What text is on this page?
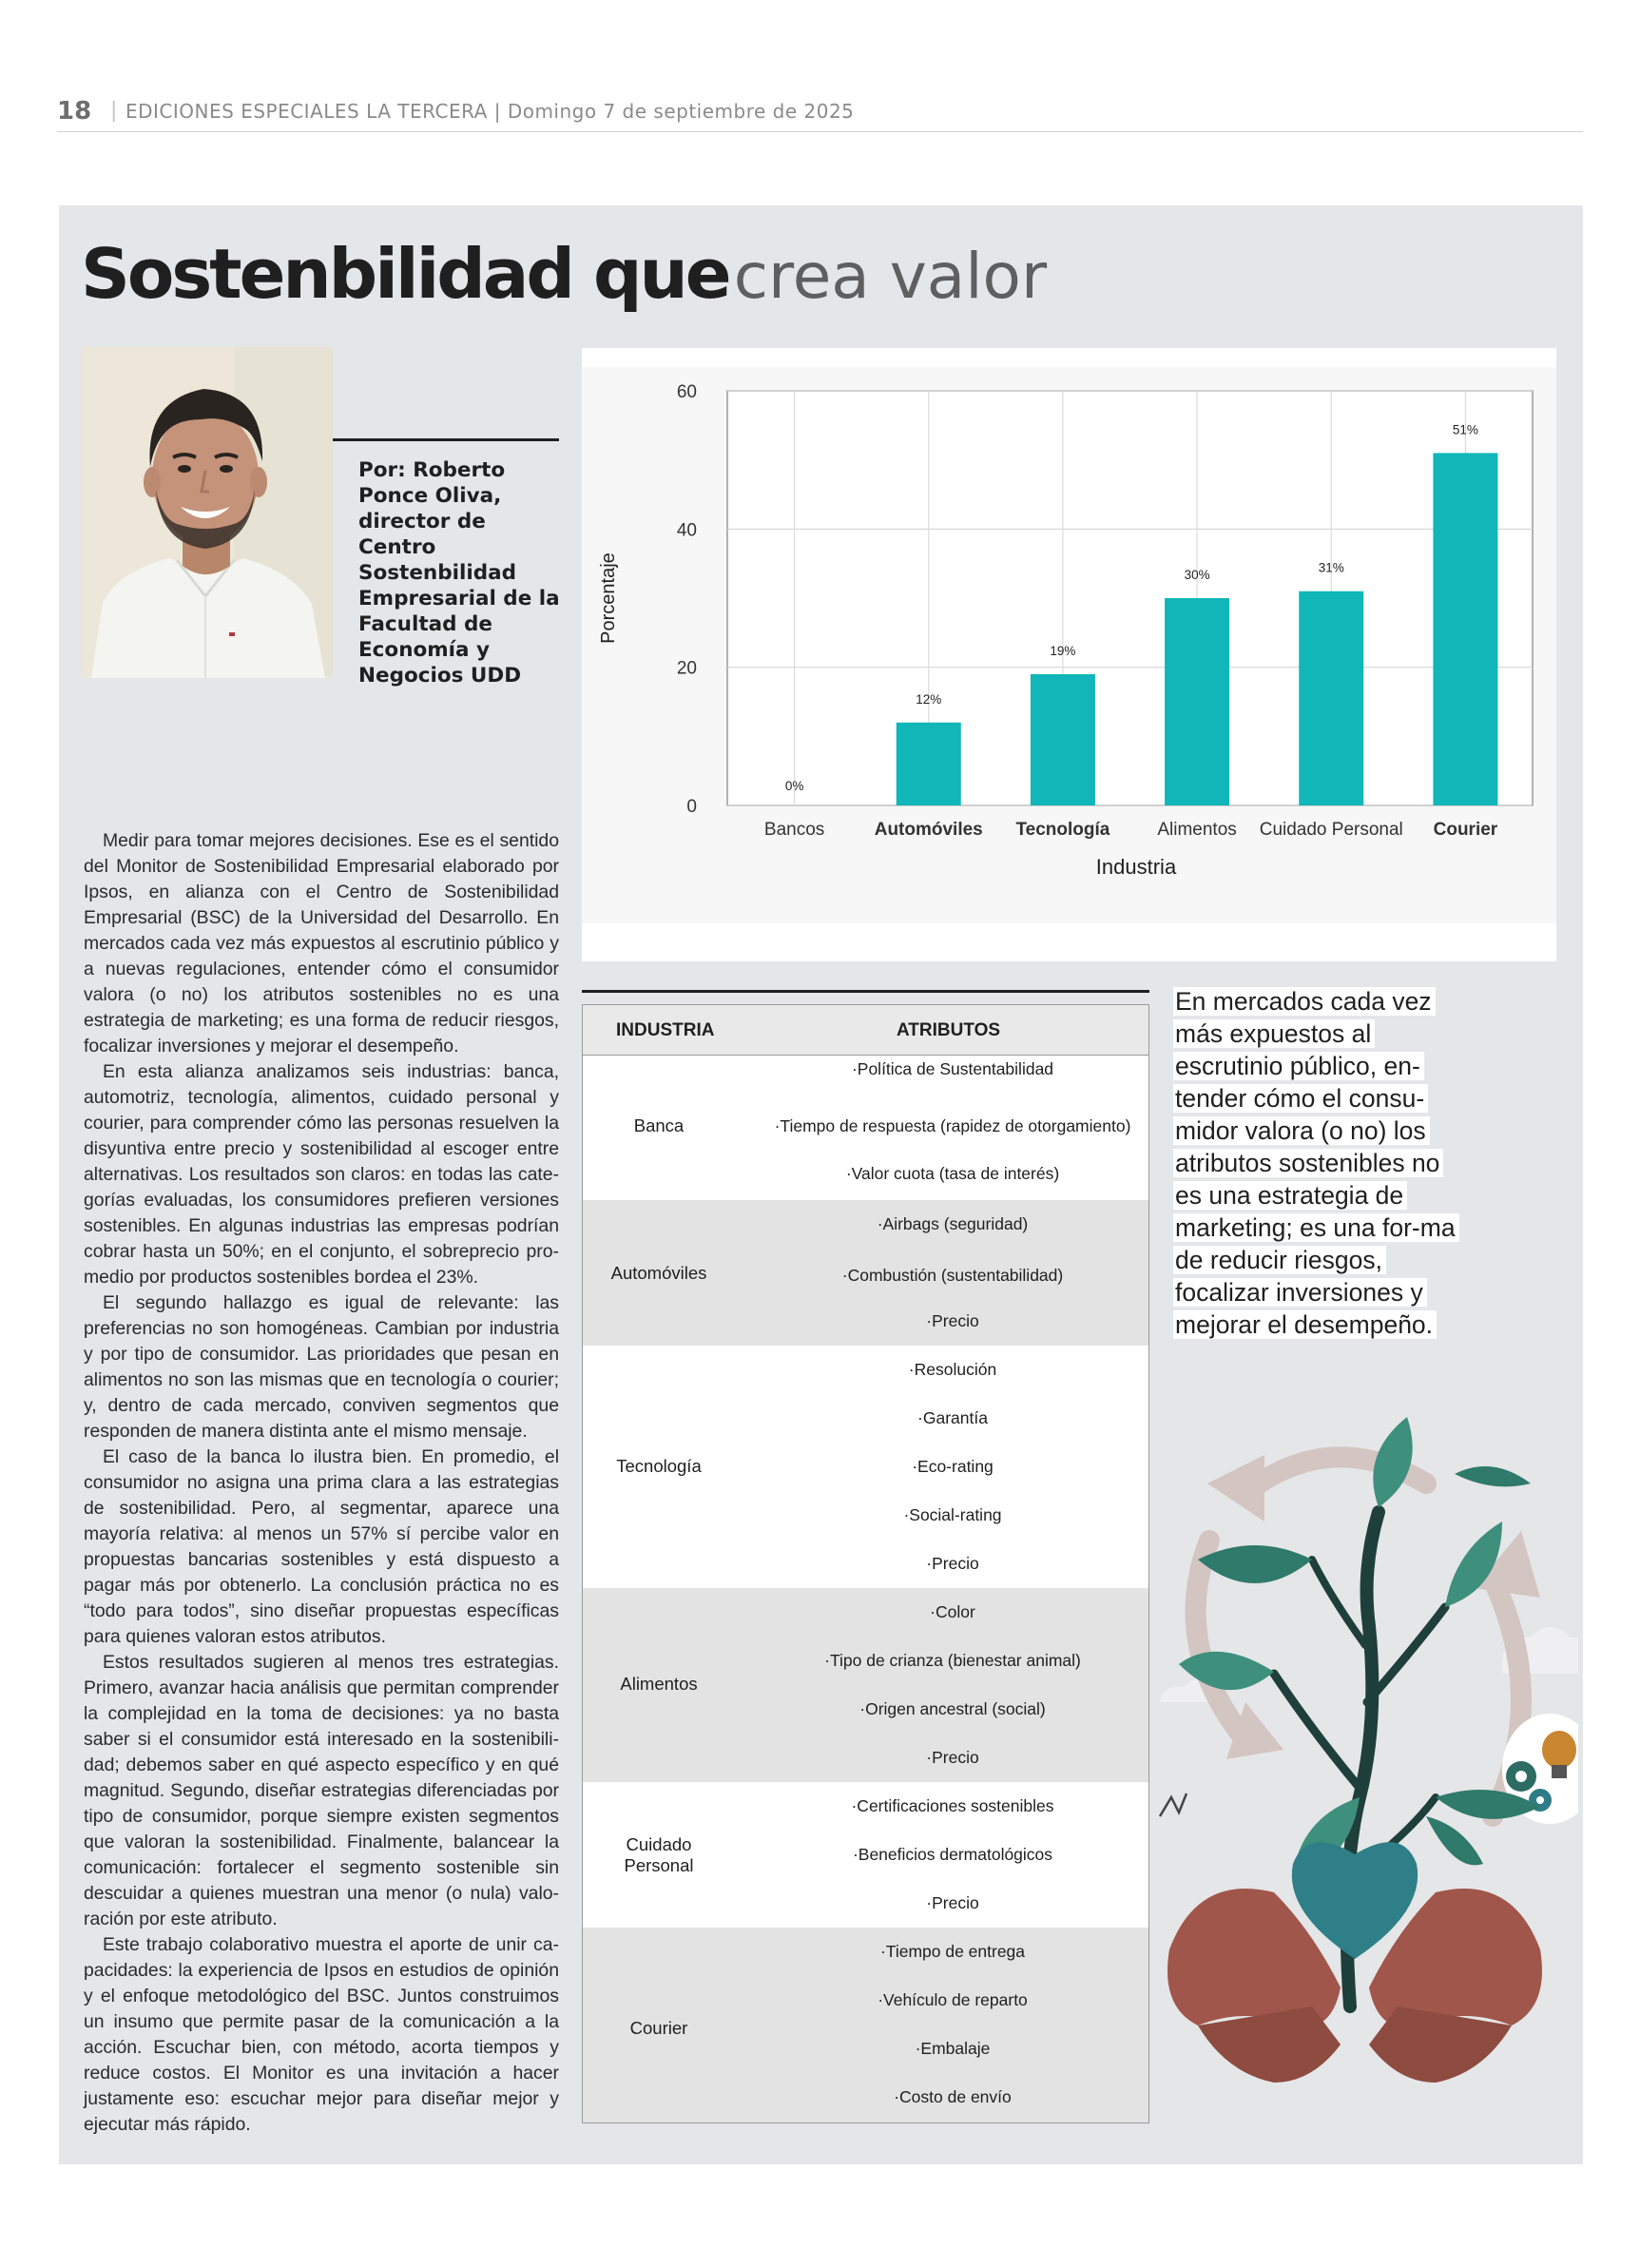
18 | EDICIONES ESPECIALES LA TERCERA | Domingo 7 de septiembre de 2025
Sostenbilidad que crea valor
Por: Roberto Ponce Oliva, director de Centro Sostenbilidad Empresarial de la Facultad de Economía y Negocios UDD

Medir para tomar mejores decisiones. Ese es el sentido del Monitor de Sostenibilidad Empresarial elaborado por Ipsos, en alianza con el Centro de Sostenibilidad Empresarial (BSC) de la Universidad del Desarrollo. En mercados cada vez más expuestos al escrutinio público y a nuevas regulaciones, entender cómo el consumidor valora (o no) los atributos sostenibles no es una estrategia de marketing; es una forma de reducir riesgos, focalizar inversiones y mejorar el desempeño.

En esta alianza analizamos seis industrias: banca, automotriz, tecnología, alimentos, cuidado personal y courier, para comprender cómo las personas resuelven la disyuntiva entre precio y sostenibilidad al escoger entre alternativas. Los resultados son claros: en todas las cate-gorías evaluadas, los consumidores prefieren versiones sostenibles. En algunas industrias las empresas podrían cobrar hasta un 50%; en el conjunto, el sobreprecio pro-medio por productos sostenibles bordea el 23%.

El segundo hallazgo es igual de relevante: las preferencias no son homogéneas. Cambian por industria y por tipo de consumidor. Las prioridades que pesan en alimentos no son las mismas que en tecnología o courier; y, dentro de cada mercado, conviven segmentos que responden de manera distinta ante el mismo mensaje.

El caso de la banca lo ilustra bien. En promedio, el consumidor no asigna una prima clara a las estrategias de sostenibilidad. Pero, al segmentar, aparece una mayoría relativa: al menos un 57% sí percibe valor en propuestas bancarias sostenibles y está dispuesto a pagar más por obtenerlo. La conclusión práctica no es “todo para todos”, sino diseñar propuestas específicas para quienes valoran estos atributos.

Estos resultados sugieren al menos tres estrategias. Primero, avanzar hacia análisis que permitan comprender la complejidad en la toma de decisiones: ya no basta saber si el consumidor está interesado en la sostenibili-dad; debemos saber en qué aspecto específico y en qué magnitud. Segundo, diseñar estrategias diferenciadas por tipo de consumidor, porque siempre existen segmentos que valoran la sostenibilidad. Finalmente, balancear la comunicación: fortalecer el segmento sostenible sin descuidar a quienes muestran una menor (o nula) valo-ración por este atributo.

Este trabajo colaborativo muestra el aporte de unir ca-pacidades: la experiencia de Ipsos en estudios de opinión y el enfoque metodológico del BSC. Juntos construimos un insumo que permite pasar de la comunicación a la acción. Escuchar bien, con método, acorta tiempos y reduce costos. El Monitor es una invitación a hacer justamente eso: escuchar mejor para diseñar mejor y ejecutar más rápido.

0
20
40
60
0%
Bancos
12%
Automóviles
19%
Tecnología
30%
Alimentos
31%
Cuidado Personal
51%
Courier
Porcentaje
Industria
INDUSTRIA	ATRIBUTOS
Banca
·Política de Sustentabilidad
·Tiempo de respuesta (rapidez de otorgamiento)
·Valor cuota (tasa de interés)
Automóviles
·Airbags (seguridad)
·Combustión (sustentabilidad)
·Precio
Tecnología
·Resolución
·Garantía
·Eco-rating
·Social-rating
·Precio
Alimentos
·Color
·Tipo de crianza (bienestar animal)
·Origen ancestral (social)
·Precio
Cuidado Personal
·Certificaciones sostenibles
·Beneficios dermatológicos
·Precio
Courier
·Tiempo de entrega
·Vehículo de reparto
·Embalaje
·Costo de envío
En mercados cada vez más expuestos al escrutinio público, en-tender cómo el consu-midor valora (o no) los atributos sostenibles no es una estrategia de marketing; es una for-ma de reducir riesgos, focalizar inversiones y mejorar el desempeño.
